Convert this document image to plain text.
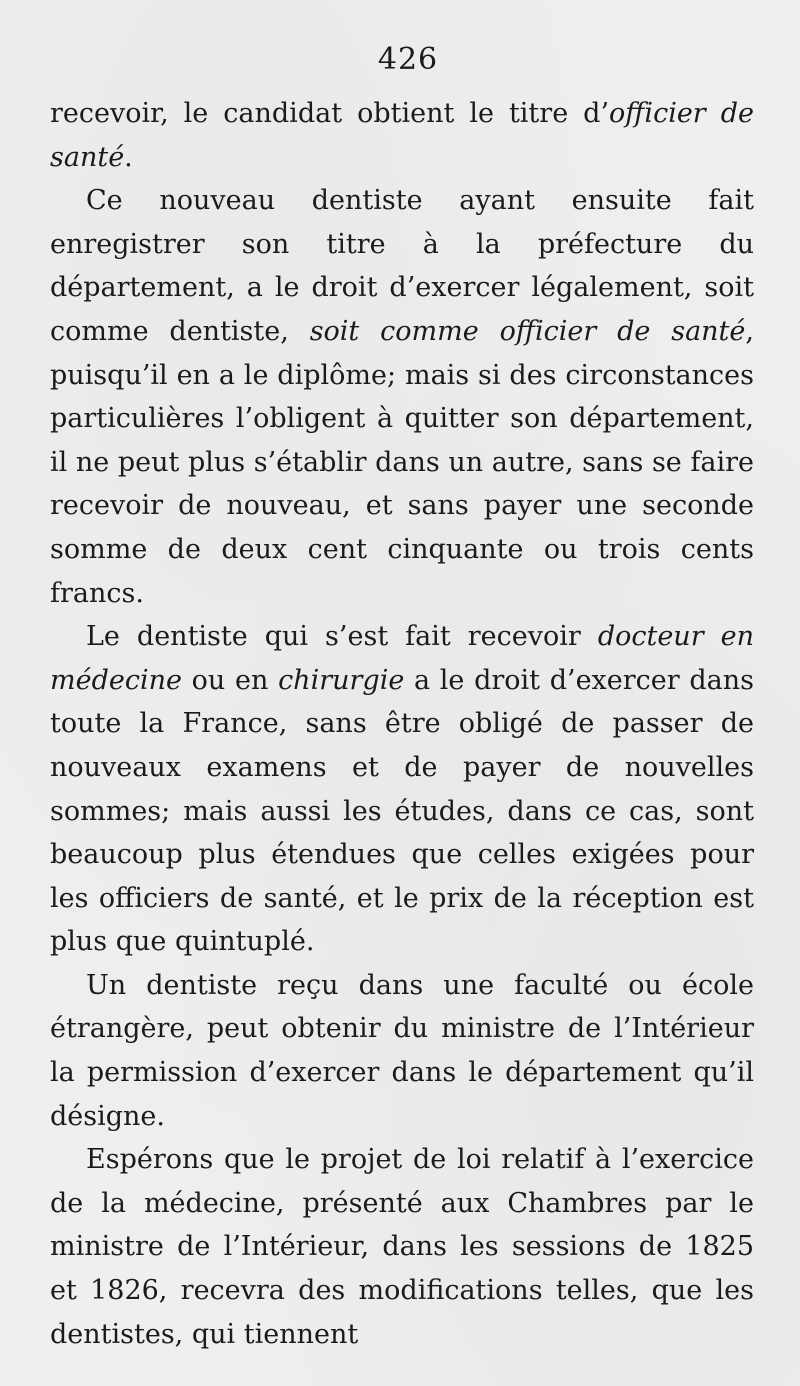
426

recevoir, le candidat obtient le titre d’officier de santé.

Ce nouveau dentiste ayant ensuite fait enregistrer son titre à la préfecture du département, a le droit d’exercer légalement, soit comme dentiste, soit comme officier de santé, puisqu’il en a le diplôme; mais si des circonstances particulières l’obligent à quitter son département, il ne peut plus s’établir dans un autre, sans se faire recevoir de nouveau, et sans payer une seconde somme de deux cent cinquante ou trois cents francs.

Le dentiste qui s’est fait recevoir docteur en médecine ou en chirurgie a le droit d’exercer dans toute la France, sans être obligé de passer de nouveaux examens et de payer de nouvelles sommes; mais aussi les études, dans ce cas, sont beaucoup plus étendues que celles exigées pour les officiers de santé, et le prix de la réception est plus que quintuplé.

Un dentiste reçu dans une faculté ou école étrangère, peut obtenir du ministre de l’Intérieur la permission d’exercer dans le département qu’il désigne.

Espérons que le projet de loi relatif à l’exercice de la médecine, présenté aux Chambres par le ministre de l’Intérieur, dans les sessions de 1825 et 1826, recevra des modifications telles, que les dentistes, qui tiennent
